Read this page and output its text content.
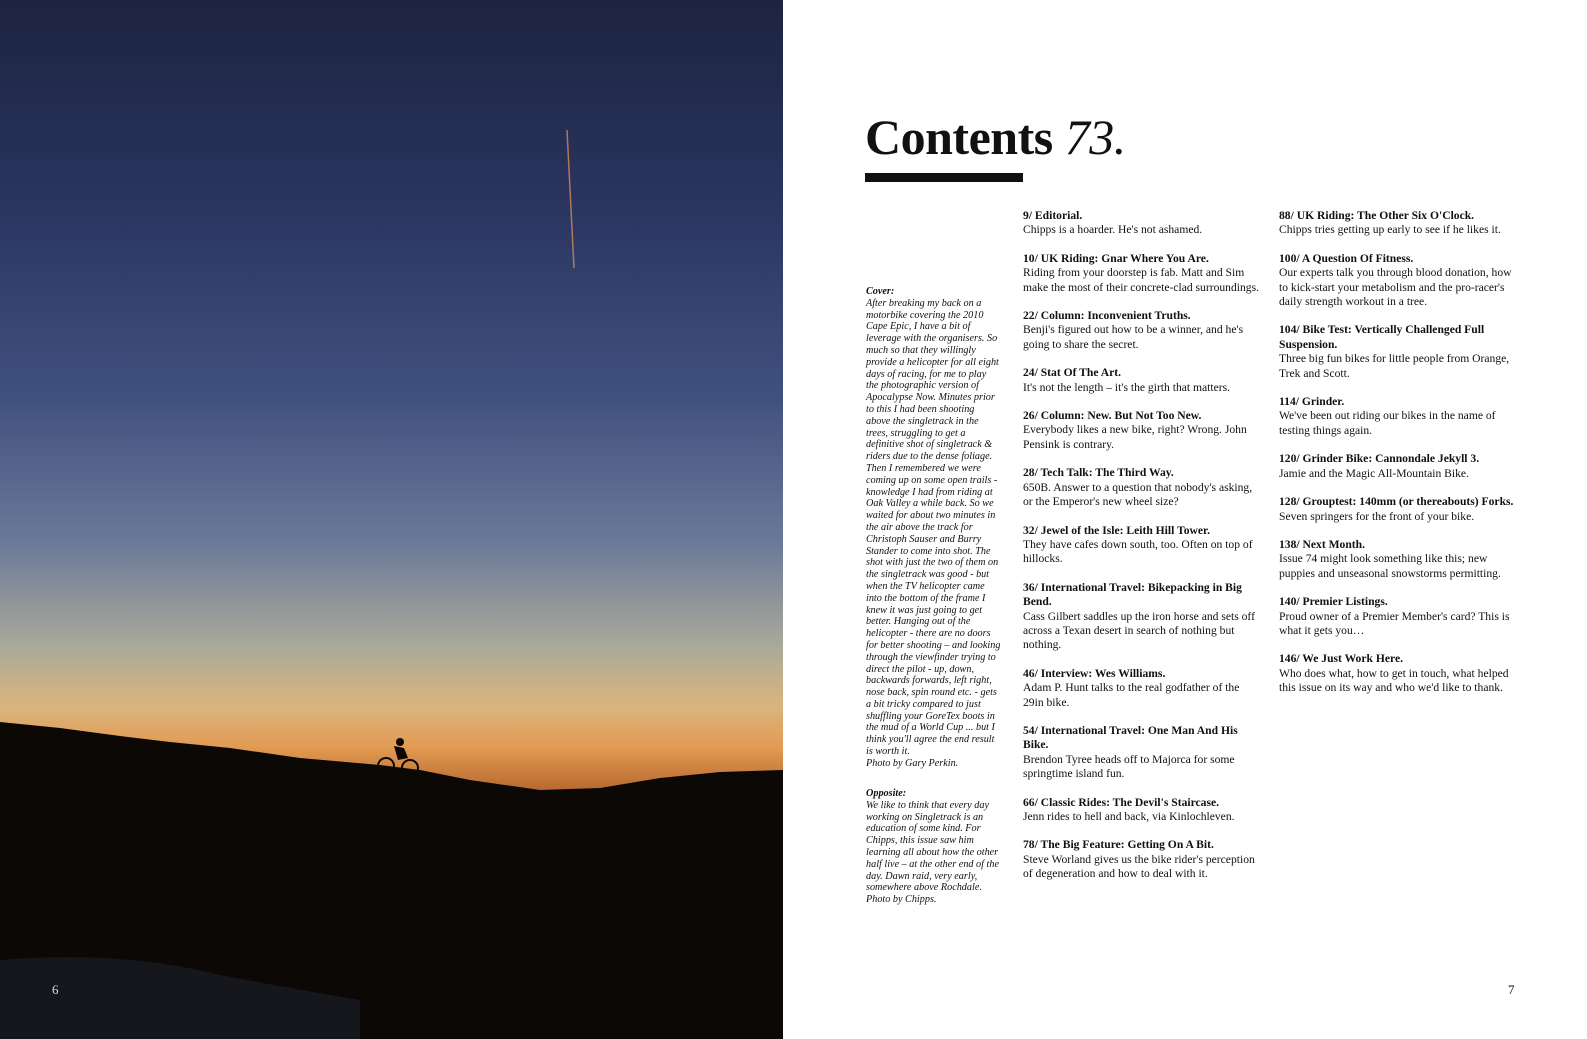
6
Contents 73.
Cover:
After breaking my back on a motorbike covering the 2010 Cape Epic, I have a bit of leverage with the organisers. So much so that they willingly provide a helicopter for all eight days of racing, for me to play the photographic version of Apocalypse Now. Minutes prior to this I had been shooting above the singletrack in the trees, struggling to get a definitive shot of singletrack & riders due to the dense foliage. Then I remembered we were coming up on some open trails - knowledge I had from riding at Oak Valley a while back. So we waited for about two minutes in the air above the track for Christoph Sauser and Burry Stander to come into shot. The shot with just the two of them on the singletrack was good - but when the TV helicopter came into the bottom of the frame I knew it was just going to get better. Hanging out of the helicopter - there are no doors for better shooting – and looking through the viewfinder trying to direct the pilot - up, down, backwards forwards, left right, nose back, spin round etc. - gets a bit tricky compared to just shuffling your GoreTex boots in the mud of a World Cup ... but I think you'll agree the end result is worth it.
Photo by Gary Perkin.
Opposite:
We like to think that every day working on Singletrack is an education of some kind. For Chipps, this issue saw him learning all about how the other half live – at the other end of the day. Dawn raid, very early, somewhere above Rochdale.
Photo by Chipps.
9/ Editorial.
Chipps is a hoarder. He's not ashamed.
10/ UK Riding: Gnar Where You Are.
Riding from your doorstep is fab. Matt and Sim make the most of their concrete-clad surroundings.
22/ Column: Inconvenient Truths.
Benji's figured out how to be a winner, and he's going to share the secret.
24/ Stat Of The Art.
It's not the length – it's the girth that matters.
26/ Column: New. But Not Too New.
Everybody likes a new bike, right? Wrong. John Pensink is contrary.
28/ Tech Talk: The Third Way.
650B. Answer to a question that nobody's asking, or the Emperor's new wheel size?
32/ Jewel of the Isle: Leith Hill Tower.
They have cafes down south, too. Often on top of hillocks.
36/ International Travel: Bikepacking in Big Bend.
Cass Gilbert saddles up the iron horse and sets off across a Texan desert in search of nothing but nothing.
46/ Interview: Wes Williams.
Adam P. Hunt talks to the real godfather of the 29in bike.
54/ International Travel: One Man And His Bike.
Brendon Tyree heads off to Majorca for some springtime island fun.
66/ Classic Rides: The Devil's Staircase.
Jenn rides to hell and back, via Kinlochleven.
78/ The Big Feature: Getting On A Bit.
Steve Worland gives us the bike rider's perception of degeneration and how to deal with it.
88/ UK Riding: The Other Six O'Clock.
Chipps tries getting up early to see if he likes it.
100/ A Question Of Fitness.
Our experts talk you through blood donation, how to kick-start your metabolism and the pro-racer's daily strength workout in a tree.
104/ Bike Test: Vertically Challenged Full Suspension.
Three big fun bikes for little people from Orange, Trek and Scott.
114/ Grinder.
We've been out riding our bikes in the name of testing things again.
120/ Grinder Bike: Cannondale Jekyll 3.
Jamie and the Magic All-Mountain Bike.
128/ Grouptest: 140mm (or thereabouts) Forks.
Seven springers for the front of your bike.
138/ Next Month.
Issue 74 might look something like this; new puppies and unseasonal snowstorms permitting.
140/ Premier Listings.
Proud owner of a Premier Member's card? This is what it gets you…
146/ We Just Work Here.
Who does what, how to get in touch, what helped this issue on its way and who we'd like to thank.
7
